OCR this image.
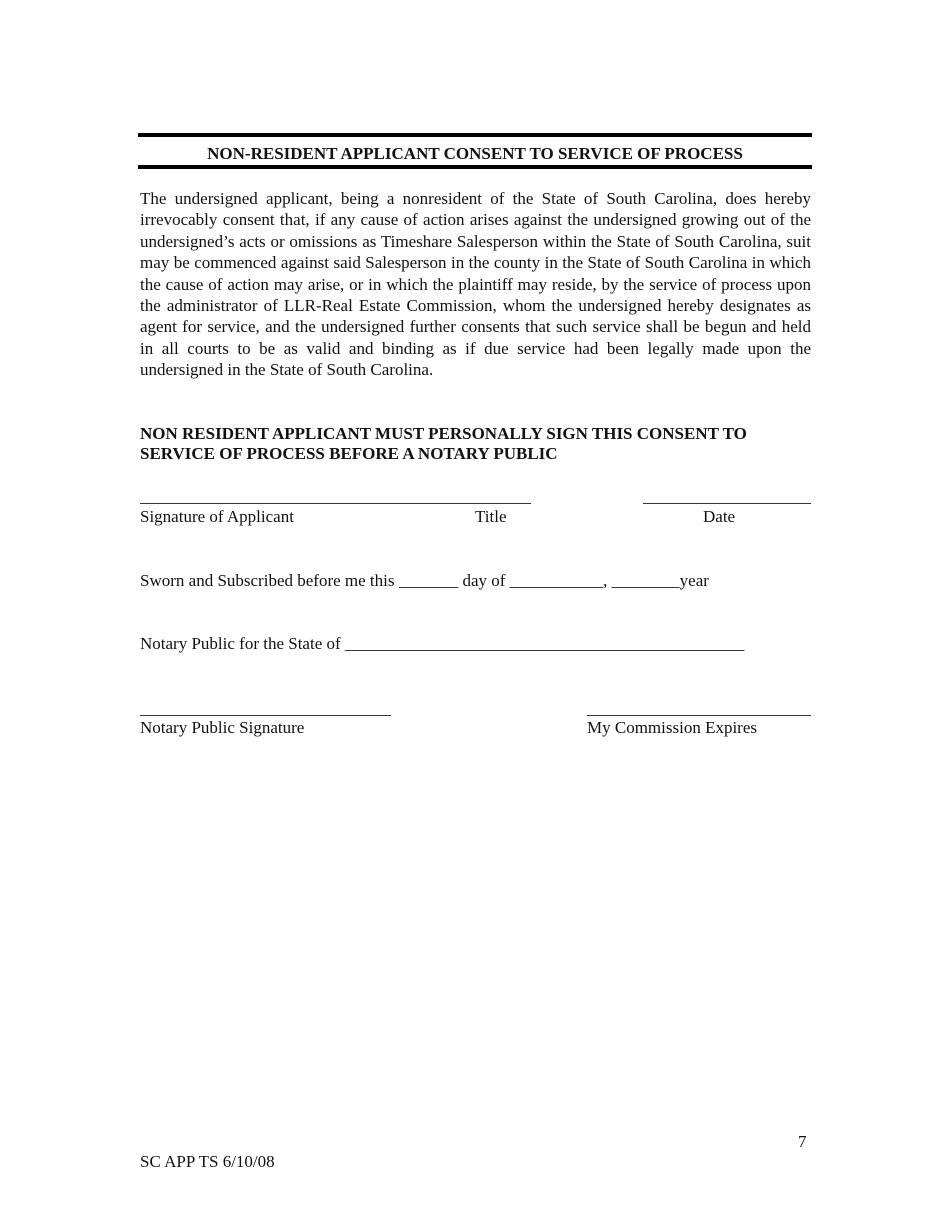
NON-RESIDENT APPLICANT CONSENT TO SERVICE OF PROCESS

The undersigned applicant, being a nonresident of the State of South Carolina, does hereby irrevocably consent that, if any cause of action arises against the undersigned growing out of the undersigned’s acts or omissions as Timeshare Salesperson within the State of South Carolina, suit may be commenced against said Salesperson in the county in the State of South Carolina in which the cause of action may arise, or in which the plaintiff may reside, by the service of process upon the administrator of LLR-Real Estate Commission, whom the undersigned hereby designates as agent for service, and the undersigned further consents that such service shall be begun and held in all courts to be as valid and binding as if due service had been legally made upon the undersigned in the State of South Carolina.

NON RESIDENT APPLICANT MUST PERSONALLY SIGN THIS CONSENT TO
SERVICE OF PROCESS BEFORE A NOTARY PUBLIC
Signature of Applicant	Title	Date
Sworn and Subscribed before me this _______ day of ___________, ________year
Notary Public for the State of _______________________________________________
Notary Public Signature	My Commission Expires
7
SC APP TS 6/10/08
